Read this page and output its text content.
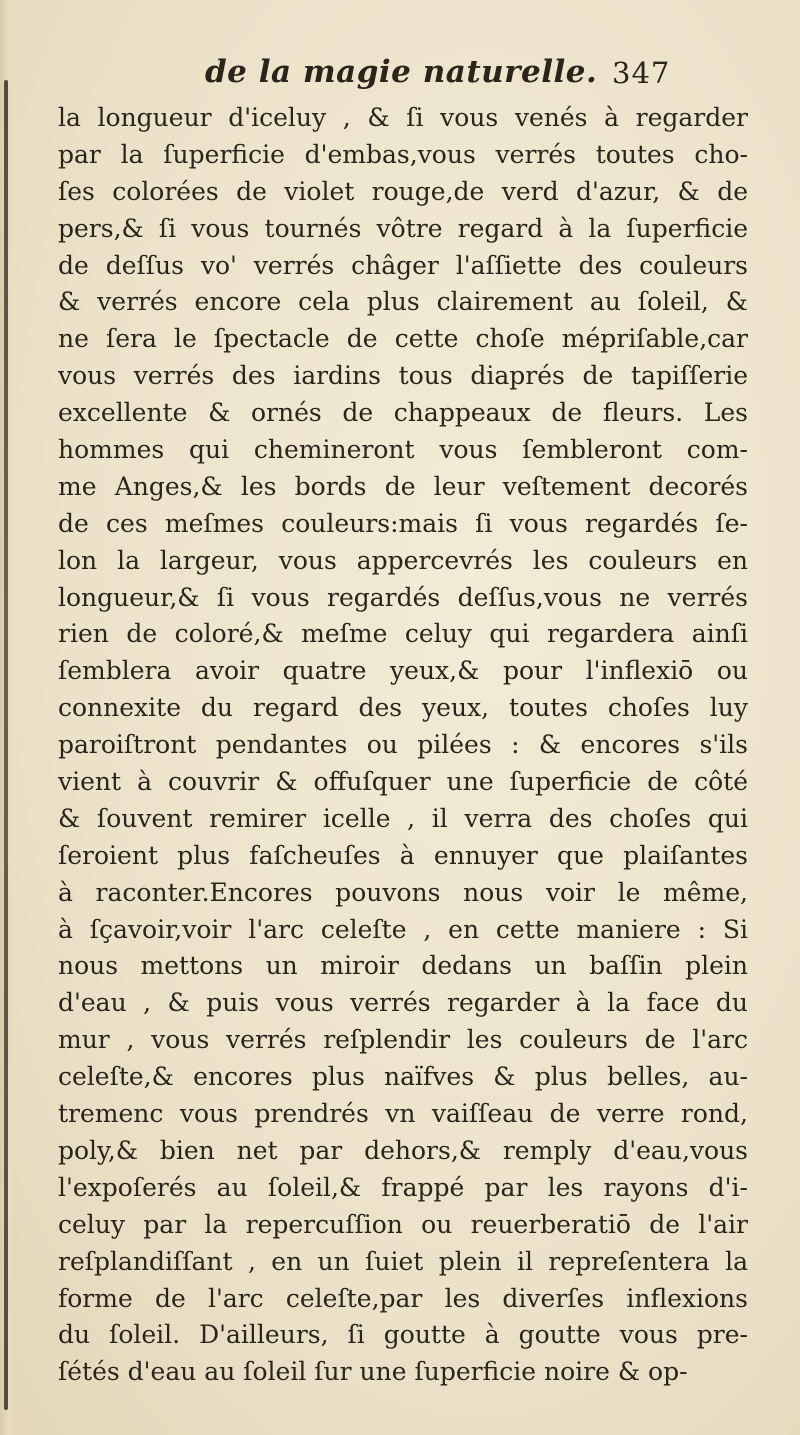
de la magie naturelle. 347
la longueur d'iceluy , & ſi vous venés à regarder
par la ſuperficie d'embas,vous verrés toutes cho-
ſes colorées de violet rouge,de verd d'azur, & de
pers,& ſi vous tournés vôtre regard à la ſuperficie
de deſſus vo' verrés châger l'aſſiette des couleurs
& verrés encore cela plus clairement au ſoleil, &
ne ſera le ſpectacle de cette choſe mépriſable,car
vous verrés des iardins tous diaprés de tapiſſerie
excellente & ornés de chappeaux de fleurs. Les
hommes qui chemineront vous ſembleront com-
me Anges,& les bords de leur veſtement decorés
de ces meſmes couleurs:mais ſi vous regardés ſe-
lon la largeur, vous appercevrés les couleurs en
longueur,& ſi vous regardés deſſus,vous ne verrés
rien de coloré,& meſme celuy qui regardera ainſi
ſemblera avoir quatre yeux,& pour l'inflexiō ou
connexite du regard des yeux, toutes choſes luy
paroiſtront pendantes ou pilées : & encores s'ils
vient à couvrir & offuſquer une ſuperficie de côté
& ſouvent remirer icelle , il verra des choſes qui
ſeroient plus faſcheuſes à ennuyer que plaiſantes
à raconter.Encores pouvons nous voir le même,
à ſçavoir,voir l'arc celeſte , en cette maniere : Si
nous mettons un miroir dedans un baſſin plein
d'eau , & puis vous verrés regarder à la face du
mur , vous verrés reſplendir les couleurs de l'arc
celeſte,& encores plus naïfves & plus belles, au-
tremenc vous prendrés vn vaiſſeau de verre rond,
poly,& bien net par dehors,& remply d'eau,vous
l'expoſerés au ſoleil,& frappé par les rayons d'i-
celuy par la repercuſſion ou reuerberatiō de l'air
reſplandiſſant , en un ſuiet plein il repreſentera la
forme de l'arc celeſte,par les diverſes inflexions
du ſoleil. D'ailleurs, ſi goutte à goutte vous pre-
ſétés d'eau au ſoleil ſur une ſuperficie noire & op-
